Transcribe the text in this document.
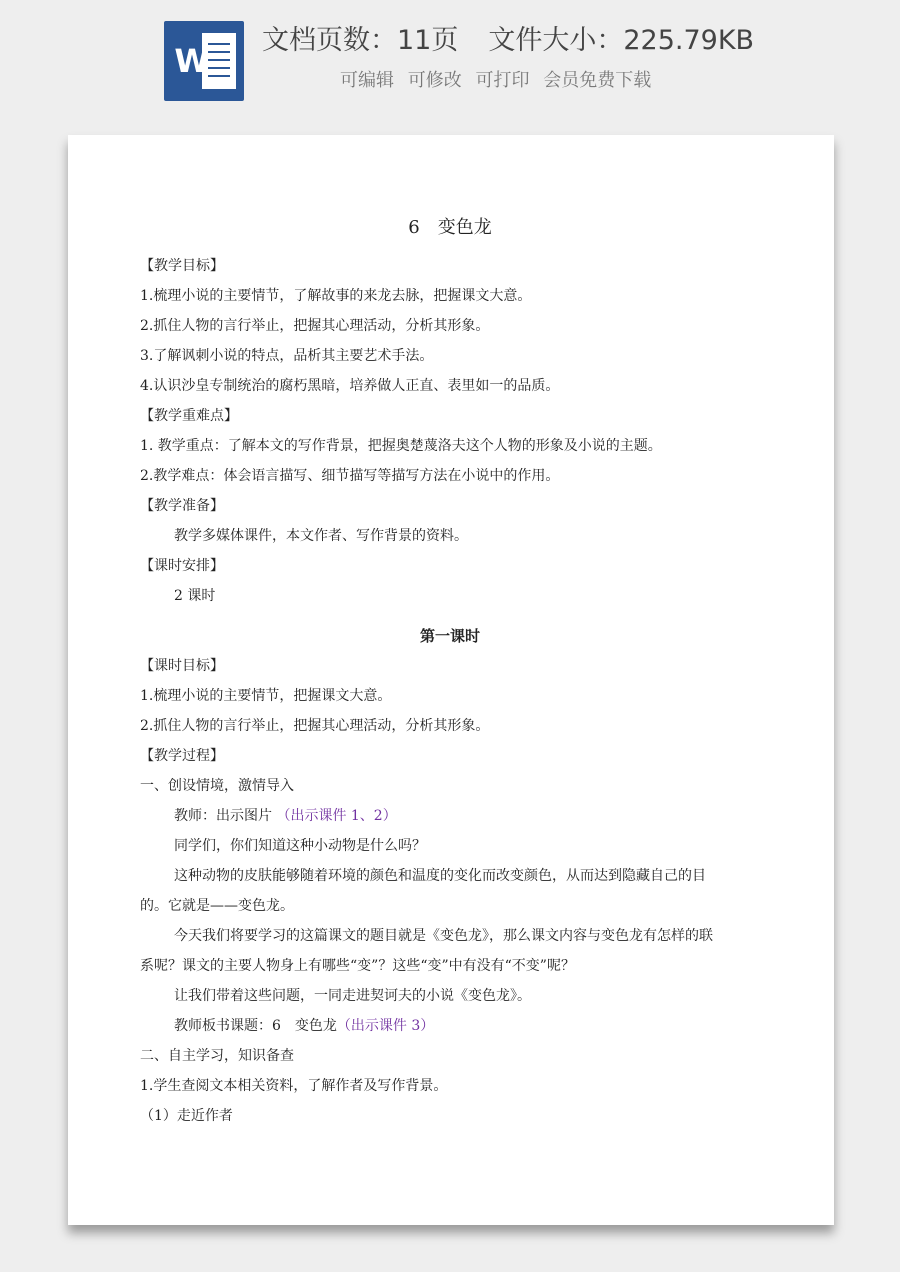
W
文档页数：11页 文件大小：225.79KB
可编辑 可修改 可打印 会员免费下载
6　变色龙
【教学目标】
1.梳理小说的主要情节，了解故事的来龙去脉，把握课文大意。
2.抓住人物的言行举止，把握其心理活动，分析其形象。
3.了解讽刺小说的特点，品析其主要艺术手法。
4.认识沙皇专制统治的腐朽黑暗，培养做人正直、表里如一的品质。
【教学重难点】
1. 教学重点：了解本文的写作背景，把握奥楚蔑洛夫这个人物的形象及小说的主题。
2.教学难点：体会语言描写、细节描写等描写方法在小说中的作用。
【教学准备】
教学多媒体课件，本文作者、写作背景的资料。
【课时安排】
2 课时
第一课时
【课时目标】
1.梳理小说的主要情节，把握课文大意。
2.抓住人物的言行举止，把握其心理活动，分析其形象。
【教学过程】
一、创设情境，激情导入
教师：出示图片 （出示课件 1、2）
同学们，你们知道这种小动物是什么吗？
这种动物的皮肤能够随着环境的颜色和温度的变化而改变颜色，从而达到隐藏自己的目
的。它就是——变色龙。
今天我们将要学习的这篇课文的题目就是《变色龙》，那么课文内容与变色龙有怎样的联
系呢？课文的主要人物身上有哪些“变”？这些“变”中有没有“不变”呢？
让我们带着这些问题，一同走进契诃夫的小说《变色龙》。
教师板书课题：6　变色龙（出示课件 3）
二、自主学习，知识备查
1.学生查阅文本相关资料，了解作者及写作背景。
（1）走近作者
